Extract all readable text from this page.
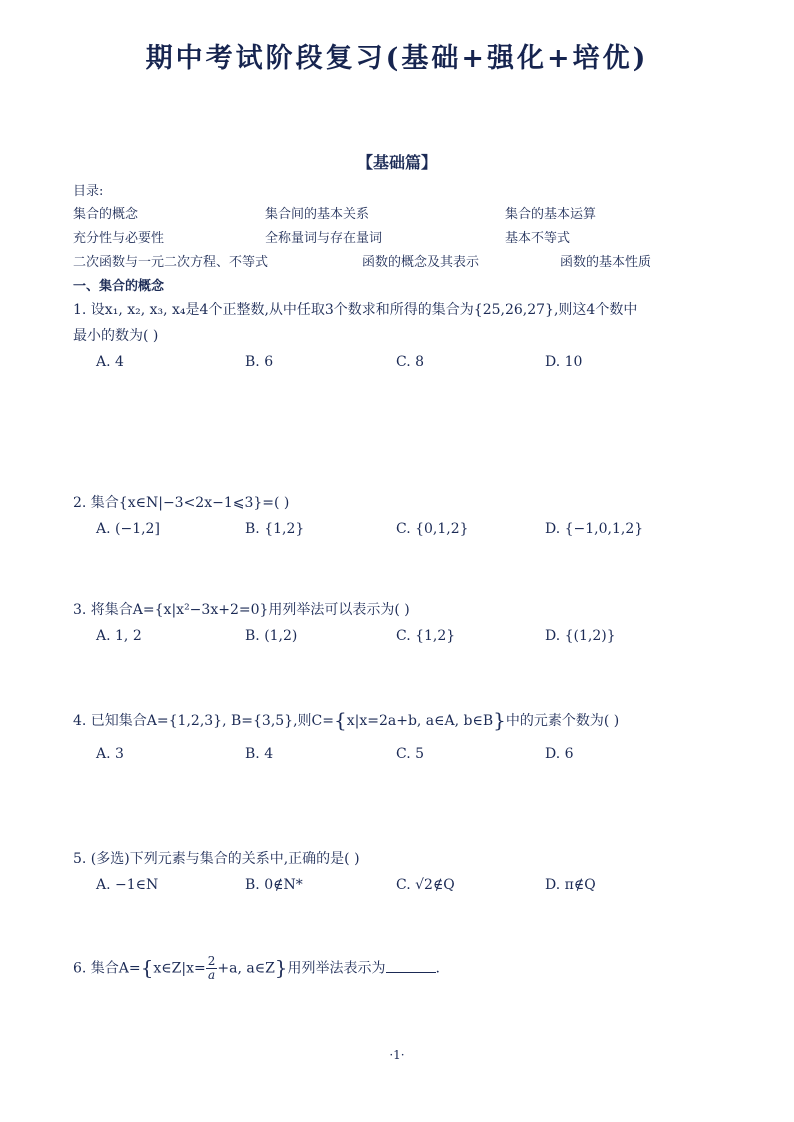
期中考试阶段复习(基础+强化+培优)
【基础篇】
目录:
集合的概念	集合间的基本关系	集合的基本运算
充分性与必要性	全称量词与存在量词	基本不等式
二次函数与一元二次方程、不等式	函数的概念及其表示	函数的基本性质
一、集合的概念
1. 设x₁, x₂, x₃, x₄是4个正整数,从中任取3个数求和所得的集合为{25,26,27},则这4个数中
最小的数为( )
A. 4	B. 6	C. 8	D. 10
2. 集合{x∈N|−3<2x−1⩽3}=( )
A. (−1,2]	B. {1,2}	C. {0,1,2}	D. {−1,0,1,2}
3. 将集合A={x|x²−3x+2=0}用列举法可以表示为( )
A. 1, 2	B. (1,2)	C. {1,2}	D. {(1,2)}
4. 已知集合A={1,2,3}, B={3,5},则C={x|x=2a+b, a∈A, b∈B}中的元素个数为( )
A. 3	B. 4	C. 5	D. 6
5. (多选)下列元素与集合的关系中,正确的是( )
A. −1∈N	B. 0∉N*	C. √2∉Q	D. π∉Q
6. 集合A={x∈Z|x= $\frac{2}{a} +a$, a∈Z}用列举法表示为	.
·1·
